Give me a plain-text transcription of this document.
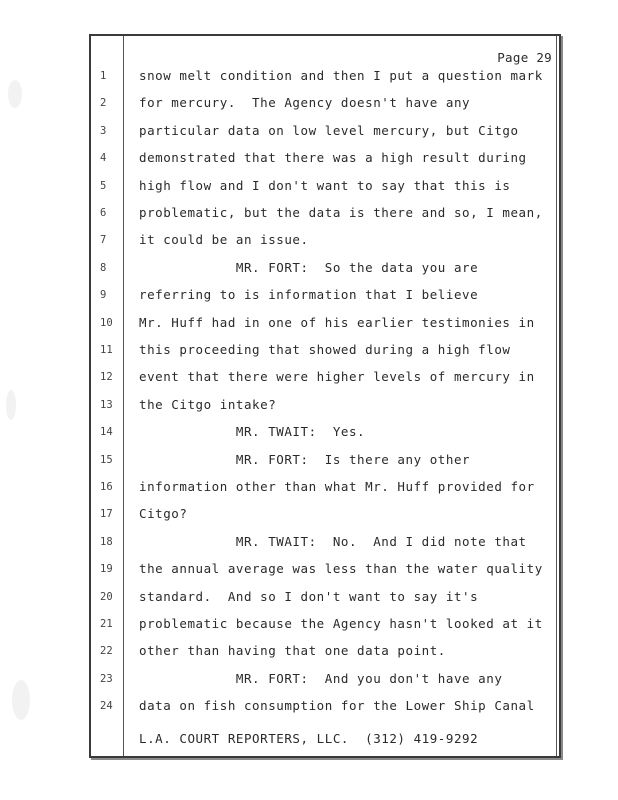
Page 29
1	snow melt condition and then I put a question mark
2	for mercury.  The Agency doesn't have any
3	particular data on low level mercury, but Citgo
4	demonstrated that there was a high result during
5	high flow and I don't want to say that this is
6	problematic, but the data is there and so, I mean,
7	it could be an issue.
8	MR. FORT:  So the data you are
9	referring to is information that I believe
10	Mr. Huff had in one of his earlier testimonies in
11	this proceeding that showed during a high flow
12	event that there were higher levels of mercury in
13	the Citgo intake?
14	MR. TWAIT:  Yes.
15	MR. FORT:  Is there any other
16	information other than what Mr. Huff provided for
17	Citgo?
18	MR. TWAIT:  No.  And I did note that
19	the annual average was less than the water quality
20	standard.  And so I don't want to say it's
21	problematic because the Agency hasn't looked at it
22	other than having that one data point.
23	MR. FORT:  And you don't have any
24	data on fish consumption for the Lower Ship Canal
L.A. COURT REPORTERS, LLC.  (312) 419-9292
